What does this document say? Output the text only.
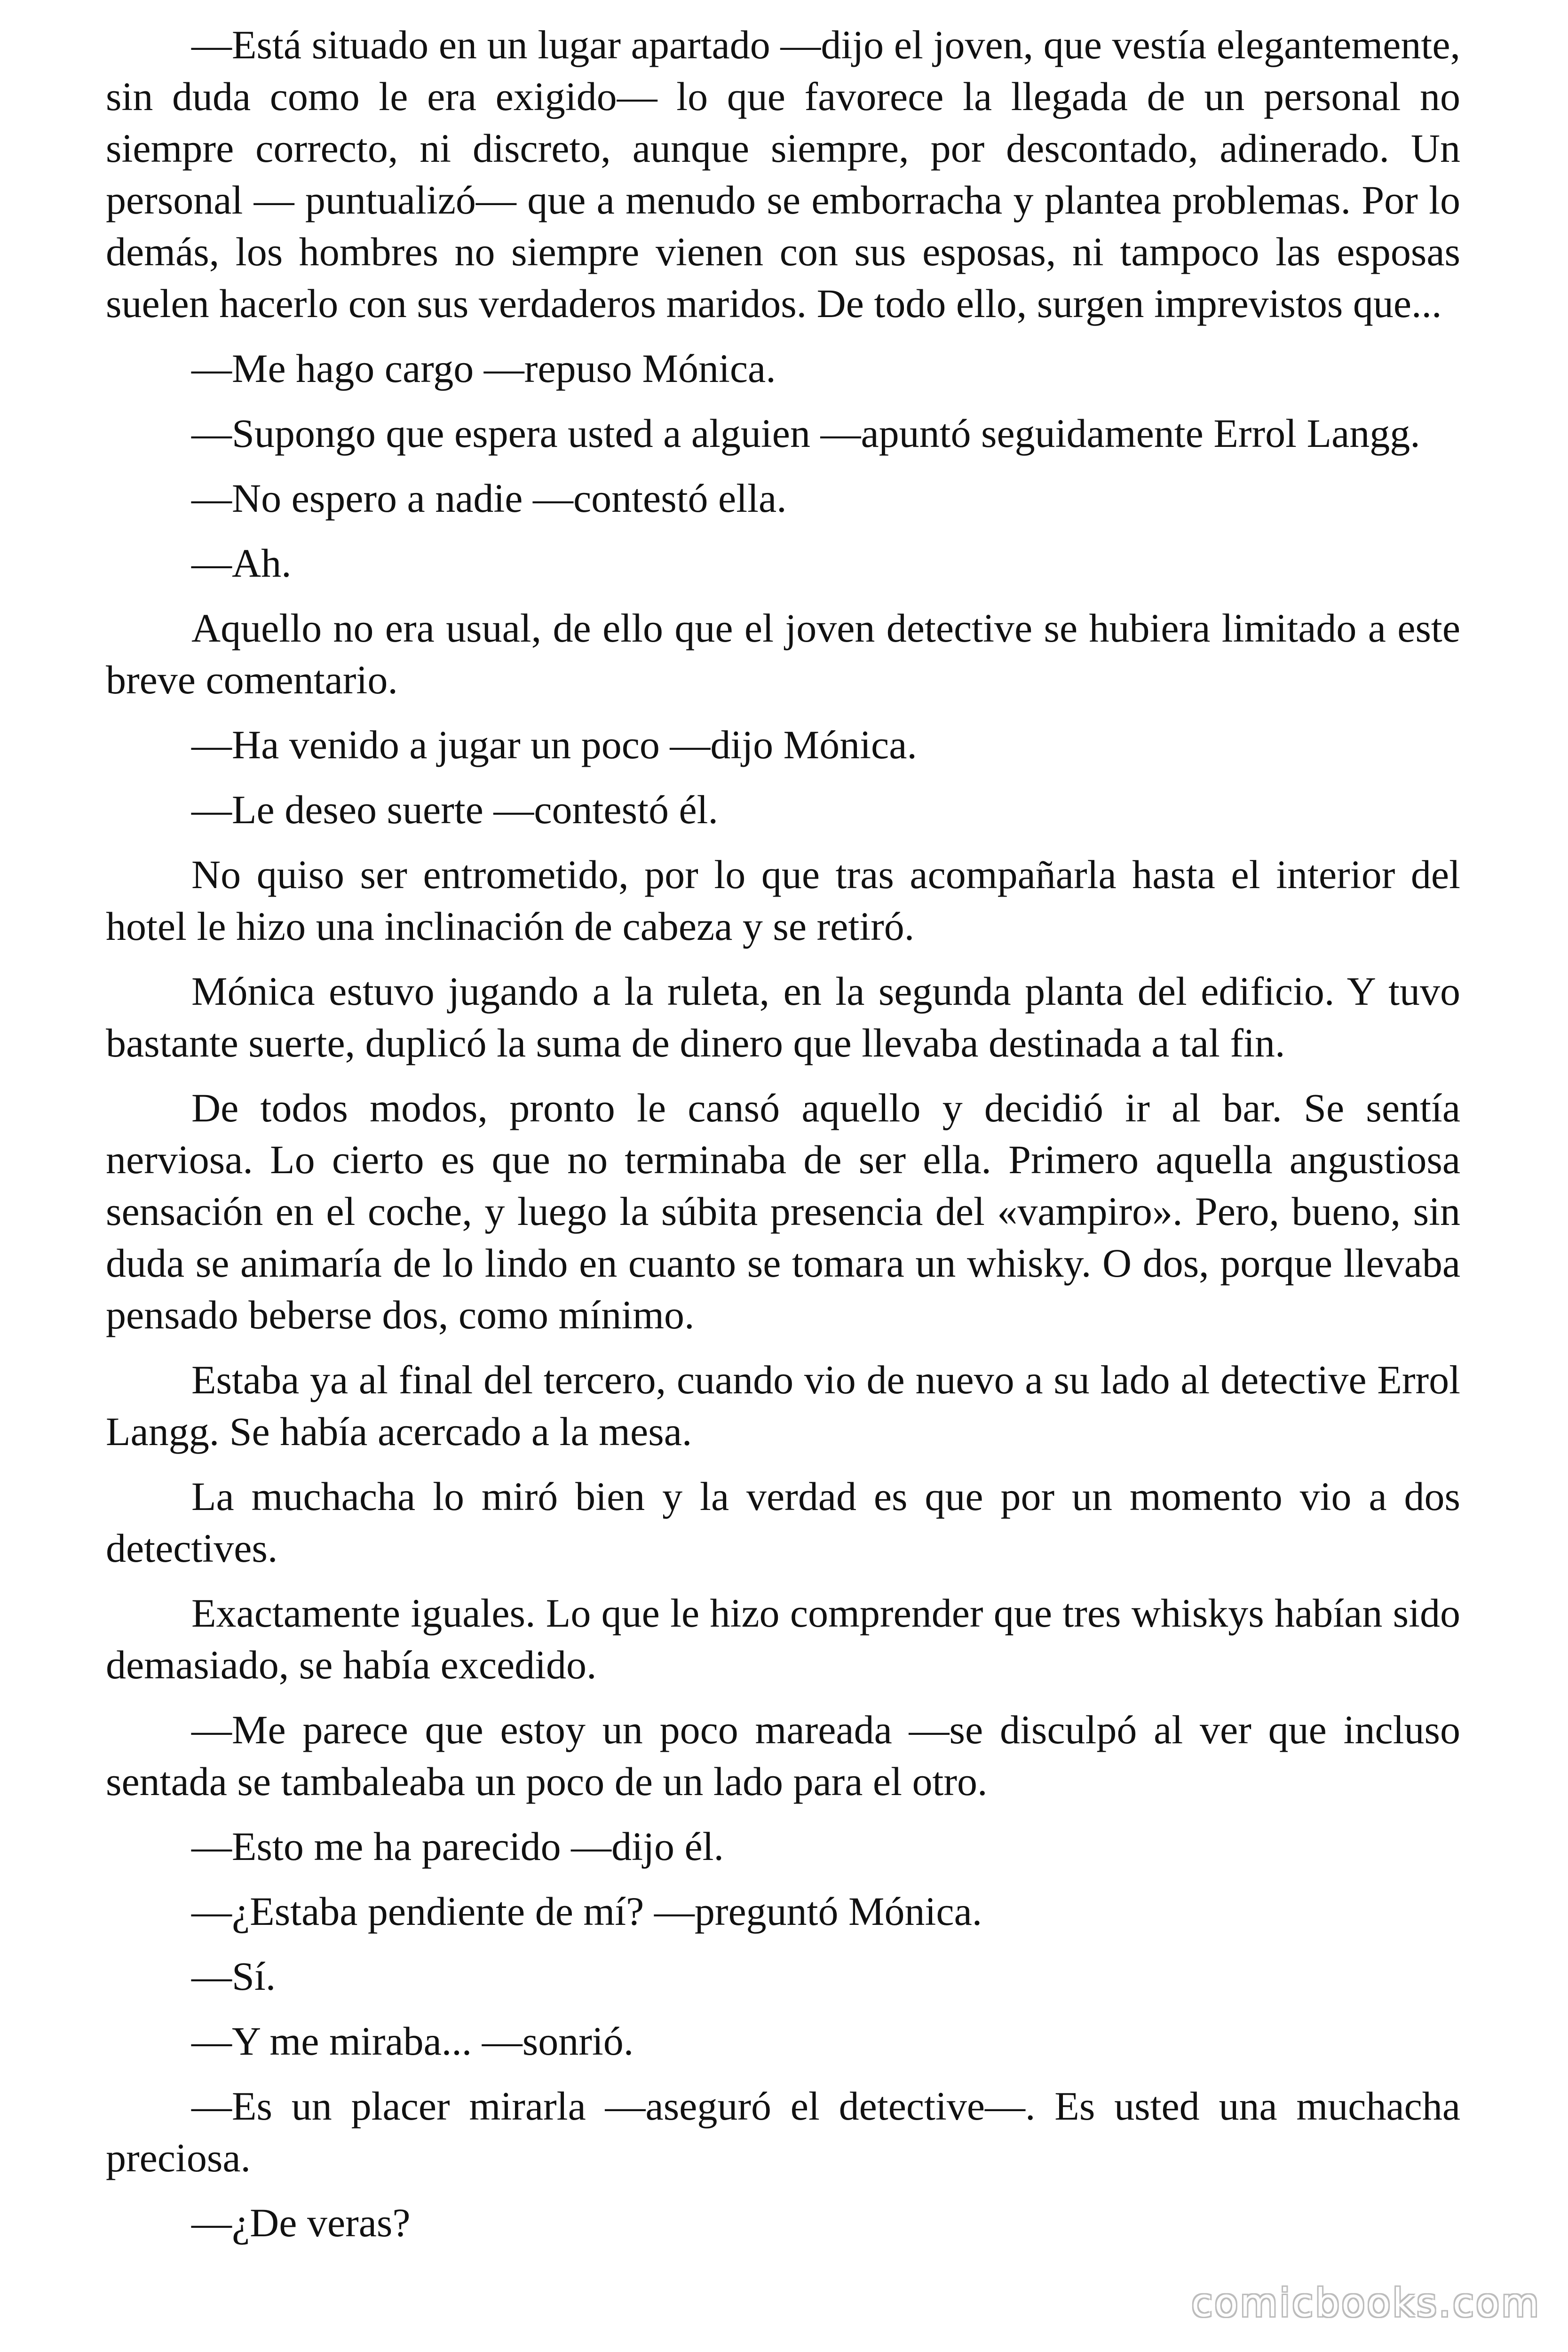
—Está situado en un lugar apartado —dijo el joven, que vestía elegantemente, sin duda como le era exigido— lo que favorece la llegada de un personal no siempre correcto, ni discreto, aunque siempre, por descontado, adinerado. Un personal — puntualizó— que a menudo se emborracha y plantea problemas. Por lo demás, los hombres no siempre vienen con sus esposas, ni tampoco las esposas suelen hacerlo con sus verdaderos maridos. De todo ello, surgen imprevistos que...

—Me hago cargo —repuso Mónica.

—Supongo que espera usted a alguien —apuntó seguidamente Errol Langg.

—No espero a nadie —contestó ella.

—Ah.

Aquello no era usual, de ello que el joven detective se hubiera limitado a este breve comentario.

—Ha venido a jugar un poco —dijo Mónica.

—Le deseo suerte —contestó él.

No quiso ser entrometido, por lo que tras acompañarla hasta el interior del hotel le hizo una inclinación de cabeza y se retiró.

Mónica estuvo jugando a la ruleta, en la segunda planta del edificio. Y tuvo bastante suerte, duplicó la suma de dinero que llevaba destinada a tal fin.

De todos modos, pronto le cansó aquello y decidió ir al bar. Se sentía nerviosa. Lo cierto es que no terminaba de ser ella. Primero aquella angustiosa sensación en el coche, y luego la súbita presencia del «vampiro». Pero, bueno, sin duda se animaría de lo lindo en cuanto se tomara un whisky. O dos, porque llevaba pensado beberse dos, como mínimo.

Estaba ya al final del tercero, cuando vio de nuevo a su lado al detective Errol Langg. Se había acercado a la mesa.

La muchacha lo miró bien y la verdad es que por un momento vio a dos detectives.

Exactamente iguales. Lo que le hizo comprender que tres whiskys habían sido demasiado, se había excedido.

—Me parece que estoy un poco mareada —se disculpó al ver que incluso sentada se tambaleaba un poco de un lado para el otro.

—Esto me ha parecido —dijo él.

—¿Estaba pendiente de mí? —preguntó Mónica.

—Sí.

—Y me miraba... —sonrió.

—Es un placer mirarla —aseguró el detective—. Es usted una muchacha preciosa.

—¿De veras?

comicbooks.com
